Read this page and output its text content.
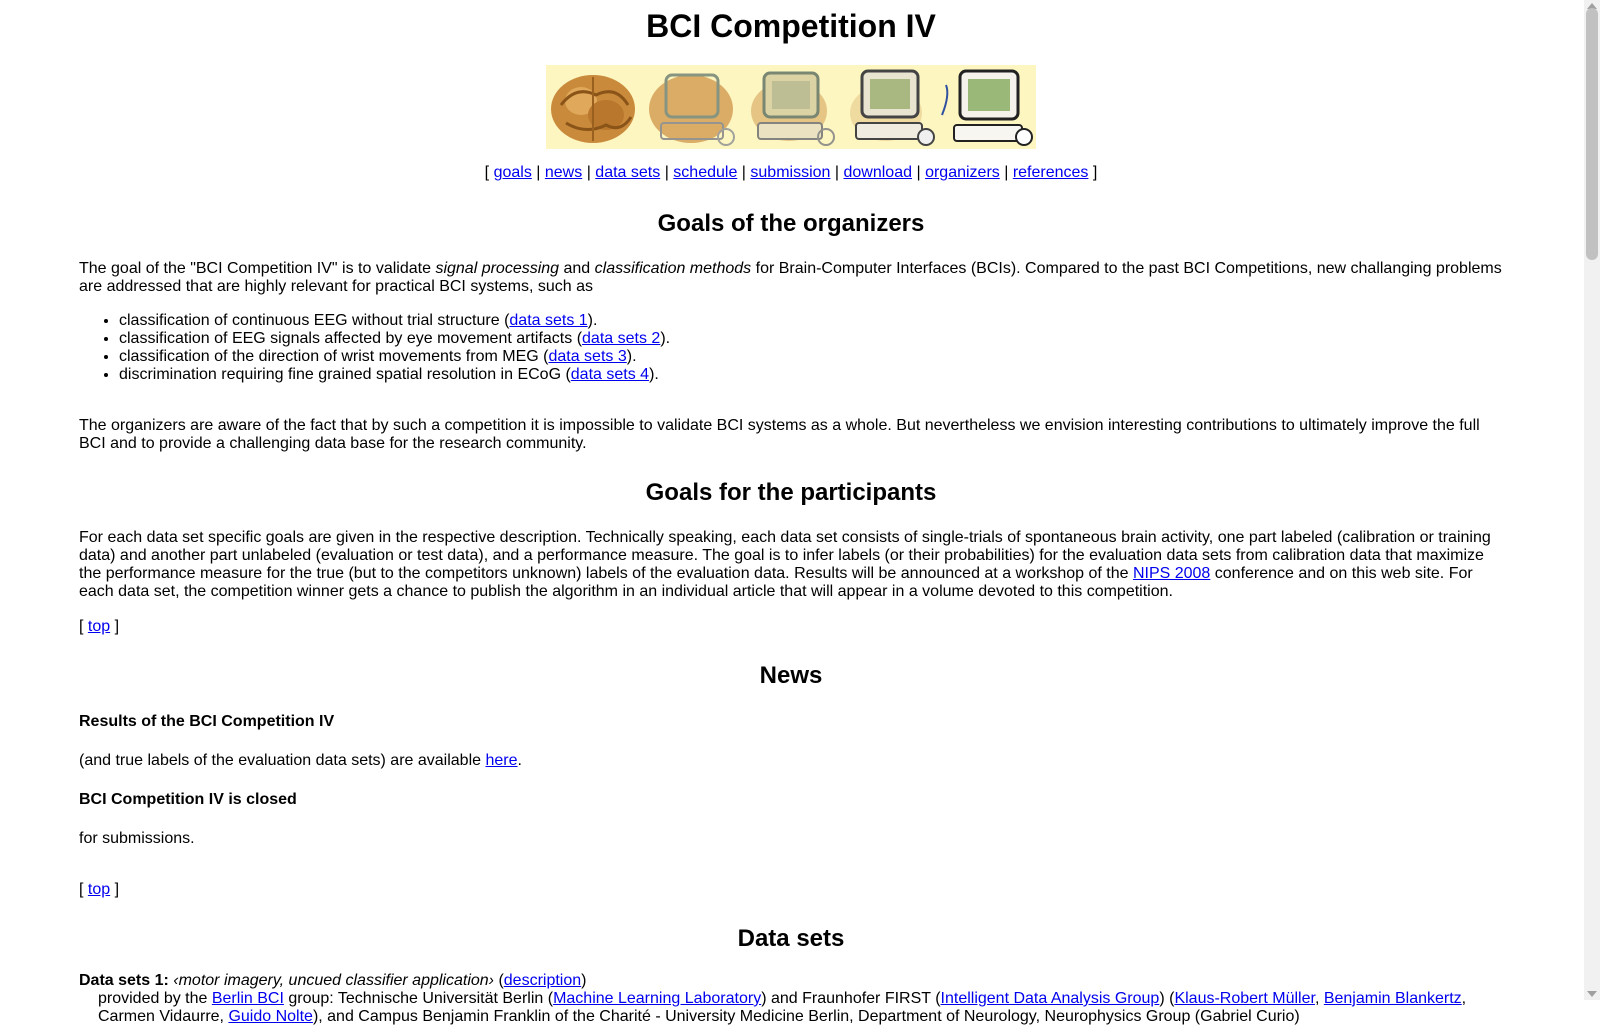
BCI Competition IV
[ goals | news | data sets | schedule | submission | download | organizers | references ]
Goals of the organizers

The goal of the "BCI Competition IV" is to validate signal processing and classification methods for Brain-Computer Interfaces (BCIs). Compared to the past BCI Competitions, new challanging problems are addressed that are highly relevant for practical BCI systems, such as

• classification of continuous EEG without trial structure (data sets 1).
• classification of EEG signals affected by eye movement artifacts (data sets 2).
• classification of the direction of wrist movements from MEG (data sets 3).
• discrimination requiring fine grained spatial resolution in ECoG (data sets 4).

The organizers are aware of the fact that by such a competition it is impossible to validate BCI systems as a whole. But nevertheless we envision interesting contributions to ultimately improve the full BCI and to provide a challenging data base for the research community.

Goals for the participants

For each data set specific goals are given in the respective description. Technically speaking, each data set consists of single-trials of spontaneous brain activity, one part labeled (calibration or training data) and another part unlabeled (evaluation or test data), and a performance measure. The goal is to infer labels (or their probabilities) for the evaluation data sets from calibration data that maximize the performance measure for the true (but to the competitors unknown) labels of the evaluation data. Results will be announced at a workshop of the NIPS 2008 conference and on this web site. For each data set, the competition winner gets a chance to publish the algorithm in an individual article that will appear in a volume devoted to this competition.

[ top ]

News

Results of the BCI Competition IV

(and true labels of the evaluation data sets) are available here.

BCI Competition IV is closed

for submissions.

[ top ]

Data sets

Data sets 1: ‹motor imagery, uncued classifier application› (description)

provided by the Berlin BCI group: Technische Universität Berlin (Machine Learning Laboratory) and Fraunhofer FIRST (Intelligent Data Analysis Group) (Klaus-Robert Müller, Benjamin Blankertz, Carmen Vidaurre, Guido Nolte), and Campus Benjamin Franklin of the Charité - University Medicine Berlin, Department of Neurology, Neurophysics Group (Gabriel Curio)
